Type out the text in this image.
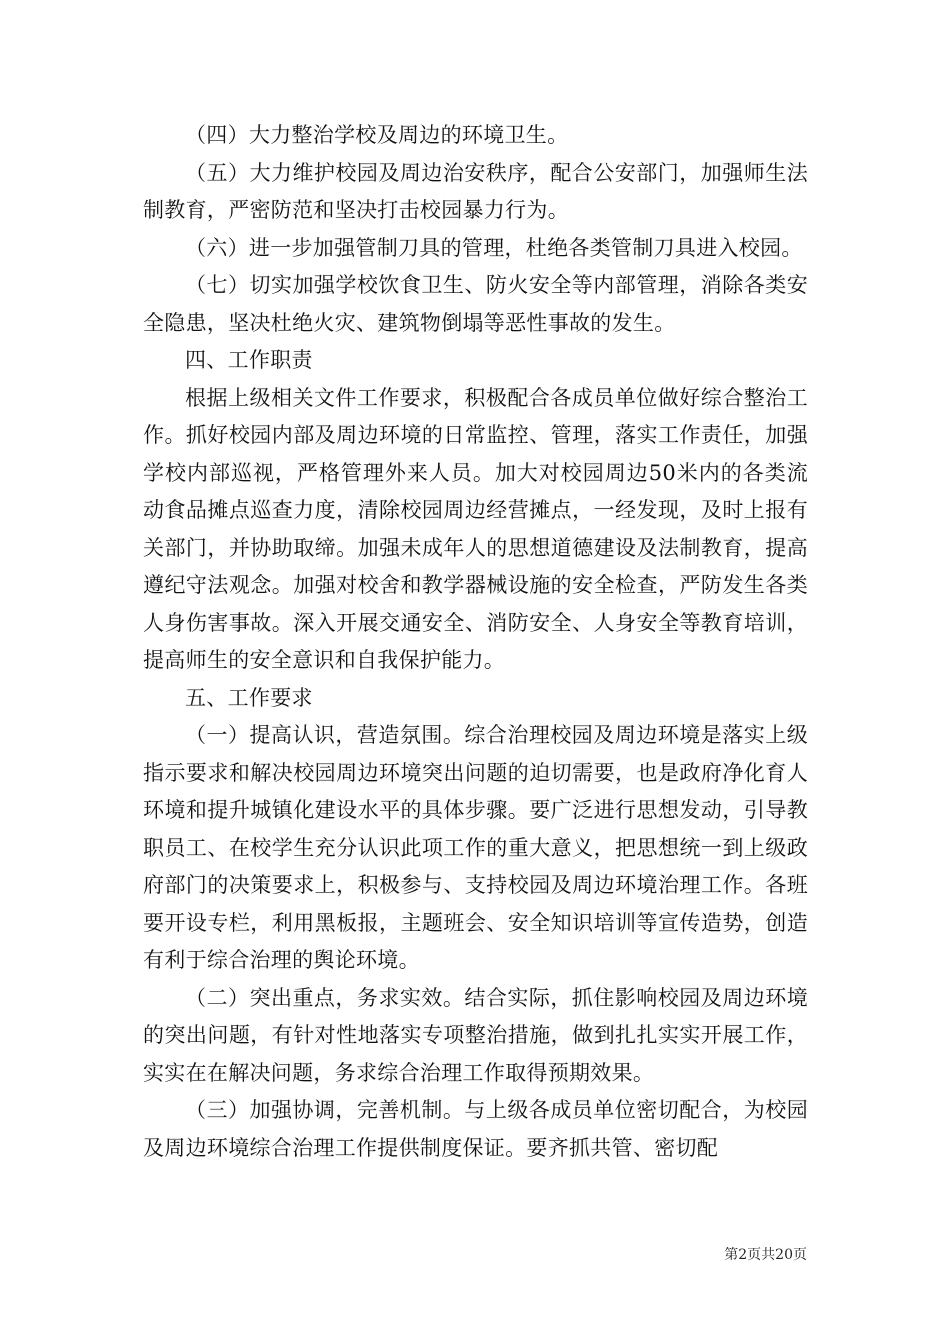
（四）大力整治学校及周边的环境卫生。

（五）大力维护校园及周边治安秩序，配合公安部门，加强师生法制教育，严密防范和坚决打击校园暴力行为。

（六）进一步加强管制刀具的管理，杜绝各类管制刀具进入校园。

（七）切实加强学校饮食卫生、防火安全等内部管理，消除各类安全隐患，坚决杜绝火灾、建筑物倒塌等恶性事故的发生。

四、工作职责

根据上级相关文件工作要求，积极配合各成员单位做好综合整治工作。抓好校园内部及周边环境的日常监控、管理，落实工作责任，加强学校内部巡视，严格管理外来人员。加大对校园周边50米内的各类流动食品摊点巡查力度，清除校园周边经营摊点，一经发现，及时上报有关部门，并协助取缔。加强未成年人的思想道德建设及法制教育，提高遵纪守法观念。加强对校舍和教学器械设施的安全检查，严防发生各类人身伤害事故。深入开展交通安全、消防安全、人身安全等教育培训，提高师生的安全意识和自我保护能力。

五、工作要求

（一）提高认识，营造氛围。综合治理校园及周边环境是落实上级指示要求和解决校园周边环境突出问题的迫切需要，也是政府净化育人环境和提升城镇化建设水平的具体步骤。要广泛进行思想发动，引导教职员工、在校学生充分认识此项工作的重大意义，把思想统一到上级政府部门的决策要求上，积极参与、支持校园及周边环境治理工作。各班要开设专栏，利用黑板报，主题班会、安全知识培训等宣传造势，创造有利于综合治理的舆论环境。

（二）突出重点，务求实效。结合实际，抓住影响校园及周边环境的突出问题，有针对性地落实专项整治措施，做到扎扎实实开展工作，实实在在解决问题，务求综合治理工作取得预期效果。

（三）加强协调，完善机制。与上级各成员单位密切配合，为校园及周边环境综合治理工作提供制度保证。要齐抓共管、密切配

第2页共20页
